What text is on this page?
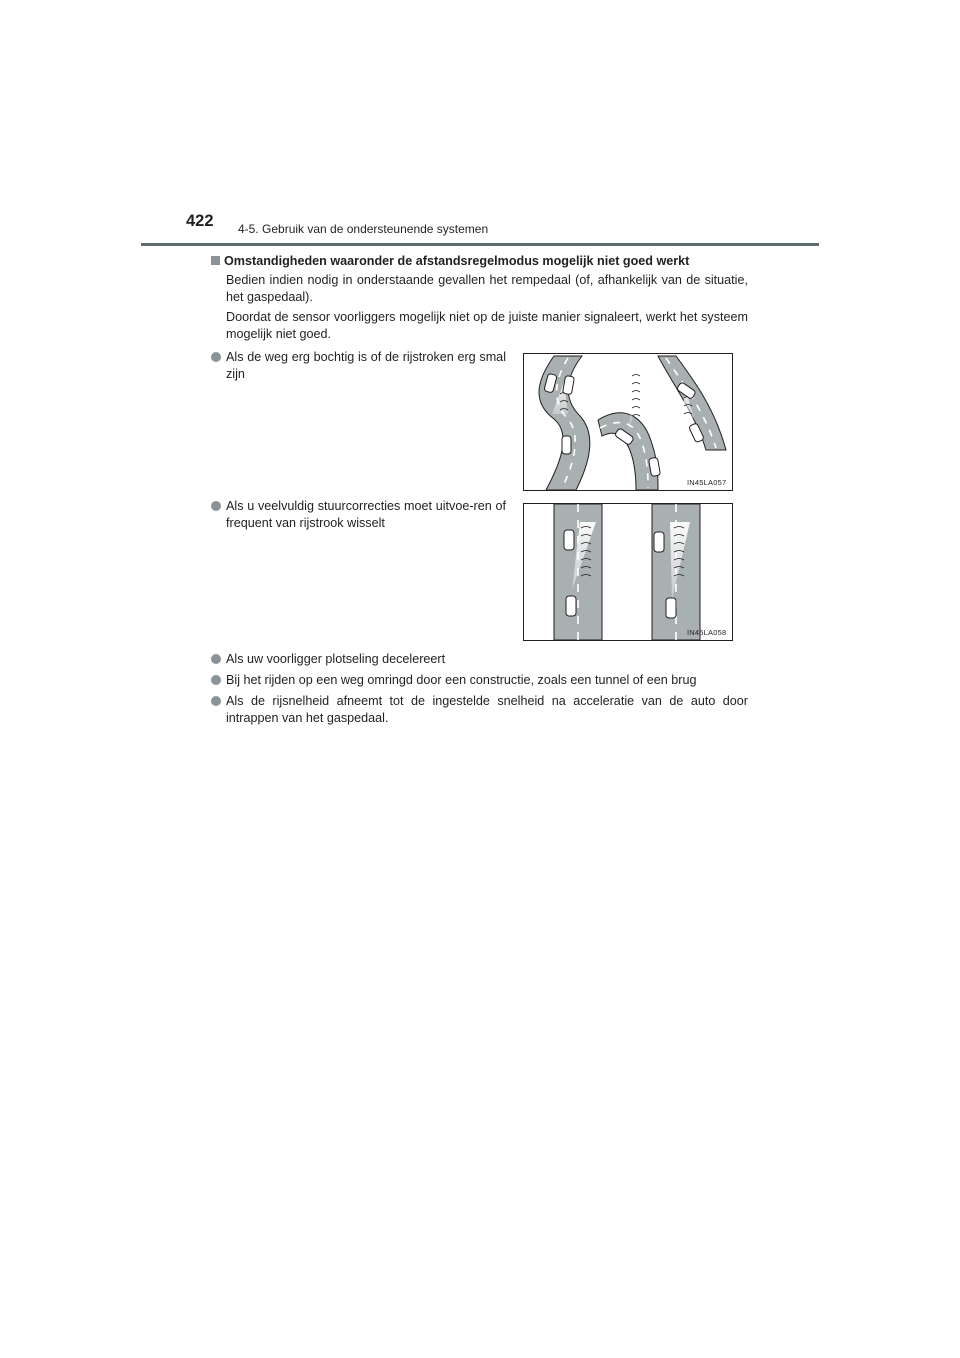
422 4-5. Gebruik van de ondersteunende systemen
Omstandigheden waaronder de afstandsregelmodus mogelijk niet goed werkt
Bedien indien nodig in onderstaande gevallen het rempedaal (of, afhankelijk van de situatie, het gaspedaal).
Doordat de sensor voorliggers mogelijk niet op de juiste manier signaleert, werkt het systeem mogelijk niet goed.
Als de weg erg bochtig is of de rijstroken erg smal zijn
Als u veelvuldig stuurcorrecties moet uitvoe-ren of frequent van rijstrook wisselt
Als uw voorligger plotseling decelereert
Bij het rijden op een weg omringd door een constructie, zoals een tunnel of een brug
Als de rijsnelheid afneemt tot de ingestelde snelheid na acceleratie van de auto door intrappen van het gaspedaal.
IN45LA057
IN45LA058
